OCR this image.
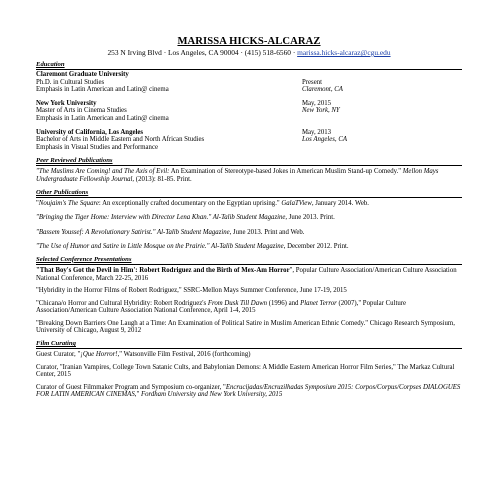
MARISSA HICKS-ALCARAZ
253 N Irving Blvd · Los Angeles, CA 90004 · (415) 518-6560 · marissa.hicks-alcaraz@cgu.edu
Education
Claremont Graduate University
Ph.D. in Cultural Studies	Present
Emphasis in Latin American and Latin@ cinema	Claremont, CA
New York University	May, 2015
Master of Arts in Cinema Studies	New York, NY
Emphasis in Latin American and Latin@ cinema
University of California, Los Angeles	May, 2013
Bachelor of Arts in Middle Eastern and North African Studies	Los Angeles, CA
Emphasis in Visual Studies and Performance
Peer Reviewed Publications
"The Muslims Are Coming! and The Axis of Evil: An Examination of Stereotype-based Jokes in American Muslim Stand-up Comedy." Mellon Mays Undergraduate Fellowship Journal, (2013): 81-85. Print.
Other Publications
"Noujaim's The Square: An exceptionally crafted documentary on the Egyptian uprising." GalaTView, January 2014. Web.
"Bringing the Tiger Home: Interview with Director Lena Khan." Al-Talib Student Magazine, June 2013. Print.
"Bassem Youssef: A Revolutionary Satirist." Al-Talib Student Magazine, June 2013. Print and Web.
"The Use of Humor and Satire in Little Mosque on the Prairie." Al-Talib Student Magazine, December 2012. Print.
Selected Conference Presentations
"That Boy's Got the Devil in Him': Robert Rodriguez and the Birth of Mex-Am Horror", Popular Culture Association/American Culture Association National Conference, March 22-25, 2016
"Hybridity in the Horror Films of Robert Rodriguez," SSRC-Mellon Mays Summer Conference, June 17-19, 2015
"Chicana/o Horror and Cultural Hybridity: Robert Rodriguez's From Dusk Till Dawn (1996) and Planet Terror (2007)," Popular Culture Association/American Culture Association National Conference, April 1-4, 2015
"Breaking Down Barriers One Laugh at a Time: An Examination of Political Satire in Muslim American Ethnic Comedy." Chicago Research Symposium, University of Chicago, August 9, 2012
Film Curating
Guest Curator, "¡Que Horror!," Watsonville Film Festival, 2016 (forthcoming)
Curator, "Iranian Vampires, College Town Satanic Cults, and Babylonian Demons: A Middle Eastern American Horror Film Series," The Markaz Cultural Center, 2015
Curator of Guest Filmmaker Program and Symposium co-organizer, "Encrucijadas/Encruzilhadas Symposium 2015: Corpos/Corpus/Corpses DIALOGUES FOR LATIN AMERICAN CINEMAS," Fordham University and New York University, 2015
